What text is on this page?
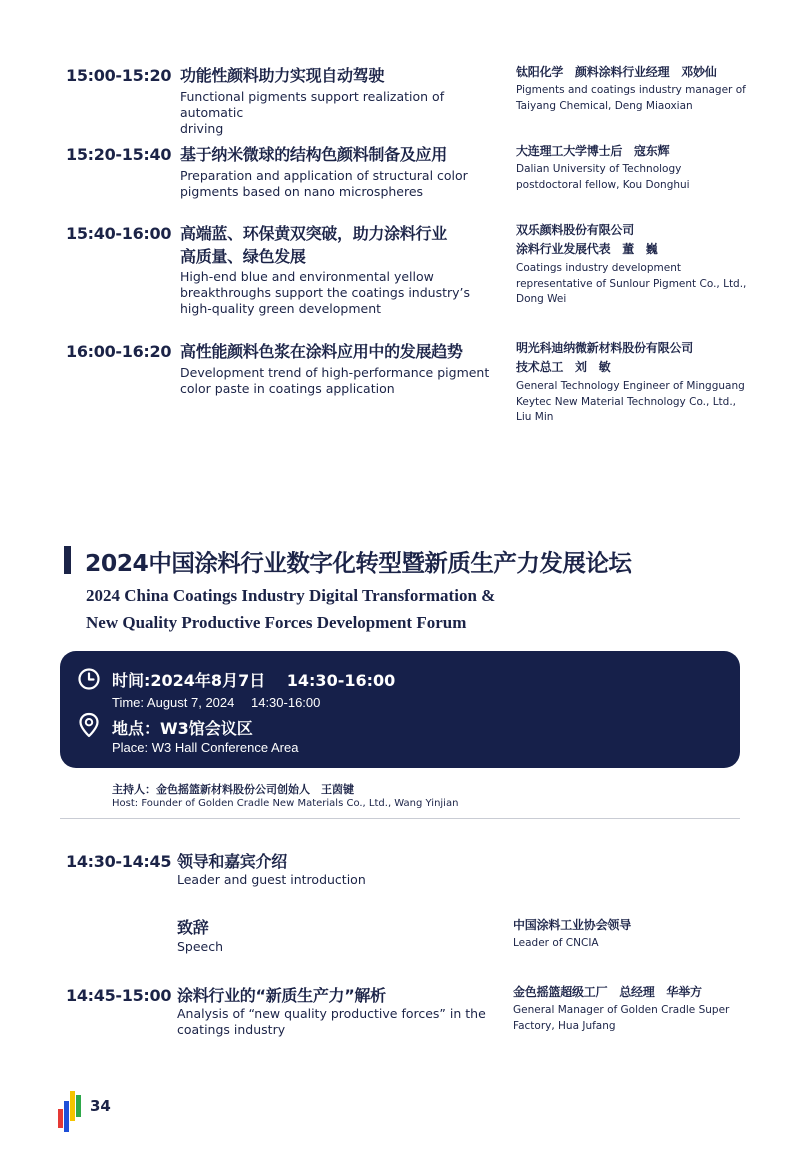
15:00-15:20 功能性颜料助力实现自动驾驶
Functional pigments support realization of automatic
driving
钛阳化学　颜料涂料行业经理　邓妙仙
Pigments and coatings industry manager of
Taiyang Chemical, Deng Miaoxian
15:20-15:40 基于纳米微球的结构色颜料制备及应用
Preparation and application of structural color
pigments based on nano microspheres
大连理工大学博士后　寇东辉
Dalian University of Technology
postdoctoral fellow, Kou Donghui
15:40-16:00 高端蓝、环保黄双突破，助力涂料行业
高质量、绿色发展
High-end blue and environmental yellow
breakthroughs support the coatings industry’s
high-quality green development
双乐颜料股份有限公司
涂料行业发展代表　董　巍
Coatings industry development
representative of Sunlour Pigment Co., Ltd.,
Dong Wei
16:00-16:20 高性能颜料色浆在涂料应用中的发展趋势
Development trend of high-performance pigment
color paste in coatings application
明光科迪纳微新材料股份有限公司
技术总工　刘　敏
General Technology Engineer of Mingguang
Keytec New Material Technology Co., Ltd.,
Liu Min
2024中国涂料行业数字化转型暨新质生产力发展论坛
2024 China Coatings Industry Digital Transformation &
New Quality Productive Forces Development Forum
时间:2024年8月7日　 14:30-16:00
Time: August 7, 2024　 14:30-16:00
地点：W3馆会议区
Place: W3 Hall Conference Area
主持人：金色摇篮新材料股份公司创始人　王茵键
Host: Founder of Golden Cradle New Materials Co., Ltd., Wang Yinjian
14:30-14:45 领导和嘉宾介绍
Leader and guest introduction
致辞
Speech
中国涂料工业协会领导
Leader of CNCIA
14:45-15:00 涂料行业的“新质生产力”解析
Analysis of “new quality productive forces” in the
coatings industry
金色摇篮超级工厂　总经理　华举方
General Manager of Golden Cradle Super
Factory, Hua Jufang
34
